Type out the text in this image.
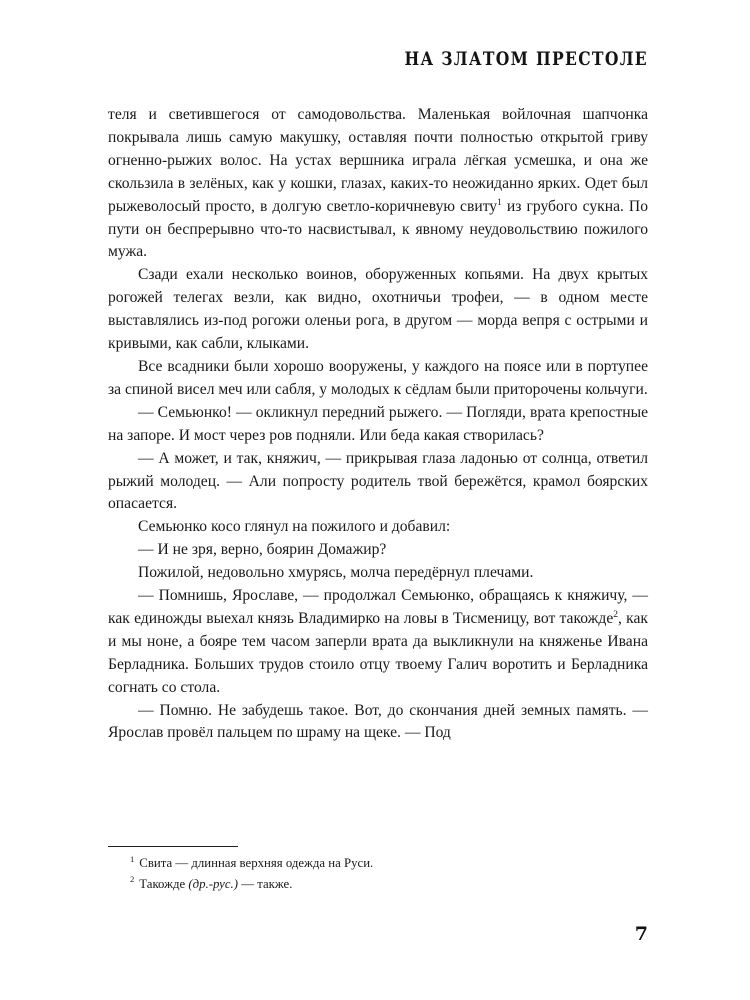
НА ЗЛАТОМ ПРЕСТОЛЕ

теля и светившегося от самодовольства. Маленькая войлочная шапчонка покрывала лишь самую макушку, оставляя почти полностью открытой гриву огненно-рыжих волос. На устах вершника играла лёгкая усмешка, и она же скользила в зелёных, как у кошки, глазах, каких-то неожиданно ярких. Одет был рыжеволосый просто, в долгую светло-коричневую свиту$^1$ из грубого сукна. По пути он беспрерывно что-то насвистывал, к явному неудовольствию пожилого мужа.

Сзади ехали несколько воинов, оборуженных копьями. На двух крытых рогожей телегах везли, как видно, охотничьи трофеи, — в одном месте выставлялись из-под рогожи оленьи рога, в другом — морда вепря с острыми и кривыми, как сабли, клыками.

Все всадники были хорошо вооружены, у каждого на поясе или в портупее за спиной висел меч или сабля, у молодых к сёдлам были приторочены кольчуги.

— Семьюнко! — окликнул передний рыжего. — Погляди, врата крепостные на запоре. И мост через ров подняли. Или беда какая створилась?

— А может, и так, княжич, — прикрывая глаза ладонью от солнца, ответил рыжий молодец. — Али попросту родитель твой бережётся, крамол боярских опасается.

Семьюнко косо глянул на пожилого и добавил:

— И не зря, верно, боярин Домажир?

Пожилой, недовольно хмурясь, молча передёрнул плечами.

— Помнишь, Ярославе, — продолжал Семьюнко, обращаясь к княжичу, — как единожды выехал князь Владимирко на ловы в Тисменицу, вот такожде$^2$, как и мы ноне, а бояре тем часом заперли врата да выкликнули на княженье Ивана Берладника. Больших трудов стоило отцу твоему Галич воротить и Берладника согнать со стола.

— Помню. Не забудешь такое. Вот, до скончания дней земных память. — Ярослав провёл пальцем по шраму на щеке. — Под

$^1$ Свита — длинная верхняя одежда на Руси.

$^2$ Такожде (др.-рус.) — также.

7
